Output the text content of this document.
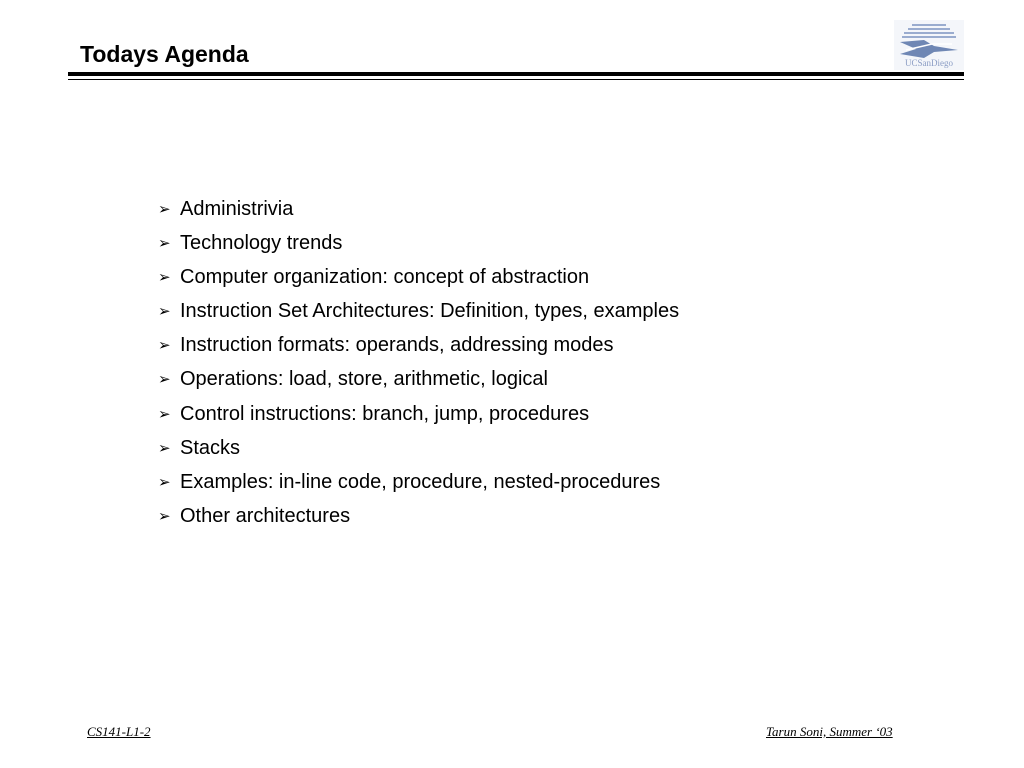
Todays Agenda	UCSanDiego
➢ Administrivia
➢ Technology trends
➢ Computer organization: concept of abstraction
➢ Instruction Set Architectures: Definition, types, examples
➢ Instruction formats: operands, addressing modes
➢ Operations: load, store, arithmetic, logical
➢ Control instructions: branch, jump, procedures
➢ Stacks
➢ Examples: in-line code, procedure, nested-procedures
➢ Other architectures
CS141-L1-2	Tarun Soni, Summer ‘03
